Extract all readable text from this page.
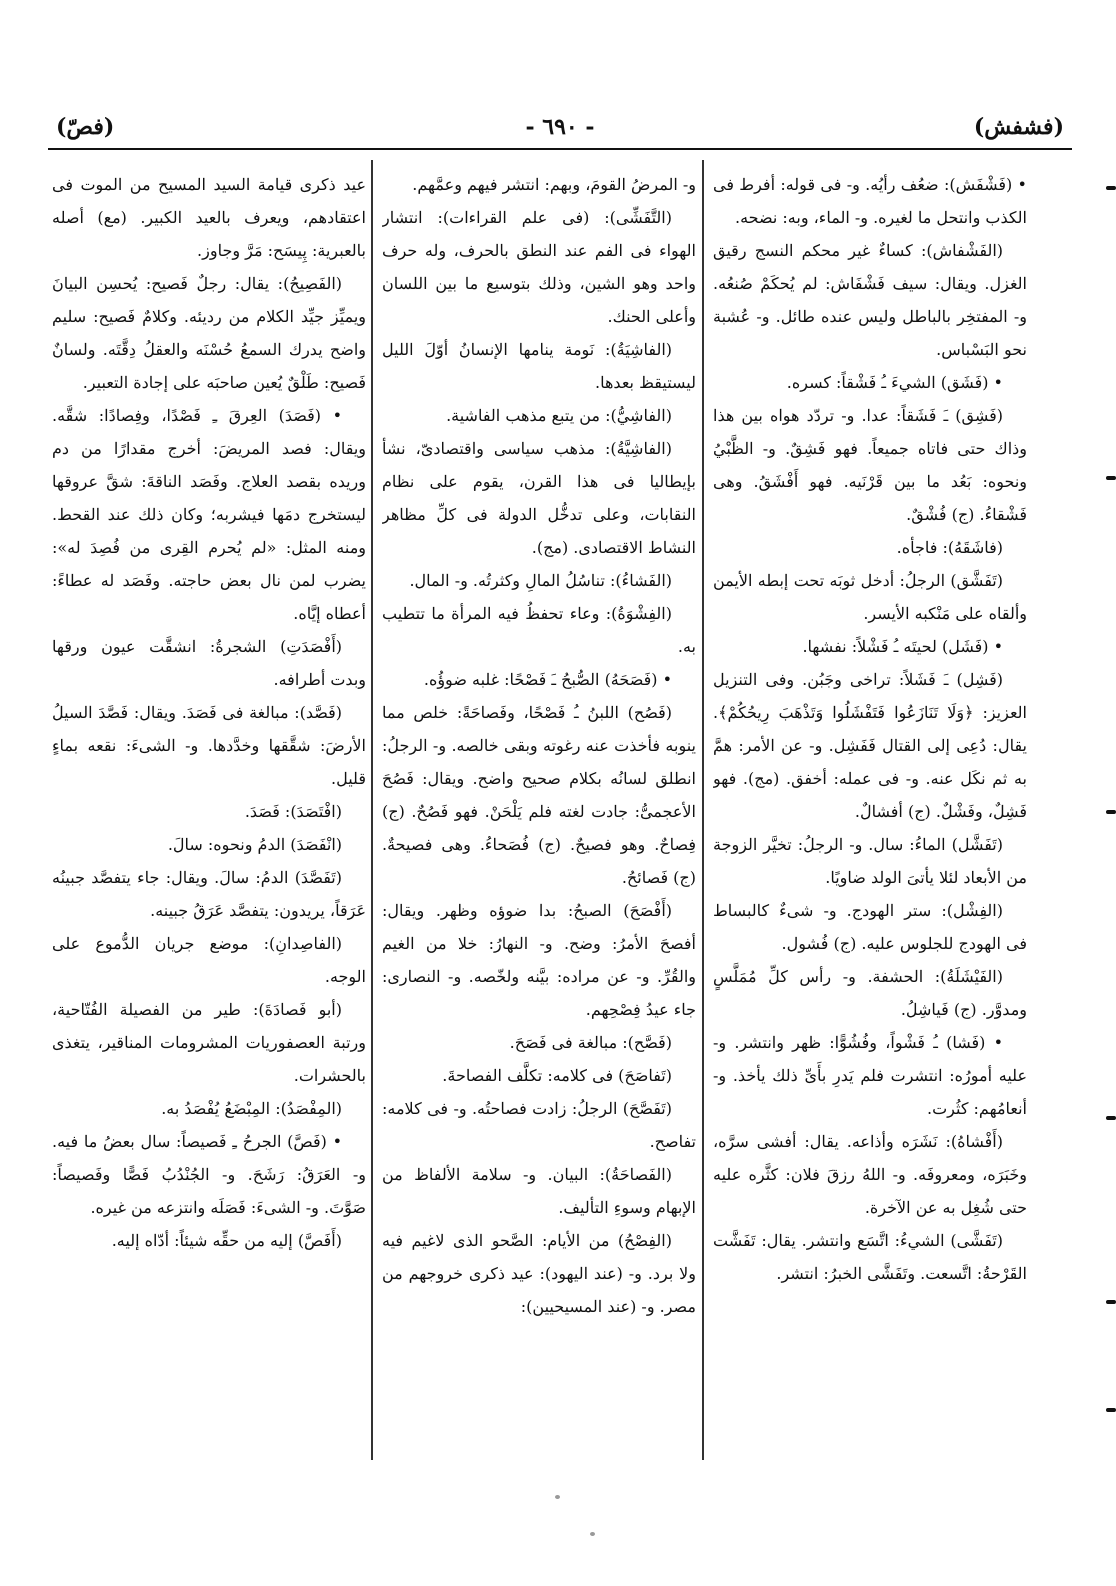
(فصّ)	- ٦٩٠ -	(فشفش)

• (فَشْفَش): ضعُف رأيُه. و- فى قوله: أفرط فى الكذب وانتحل ما لغيره. و- الماء، وبه: نضحه.

(الفَشْفاش): كساءٌ غير محكم النسج رقيق الغزل. ويقال: سيف فَشْفَاش: لم يُحكَمْ صُنعُه. و- المفتخِر بالباطل وليس عنده طائل. و- عُشبة نحو البَسْباس.

• (فَشَق) الشيءَ ـُ فَشْقاً: كسره.

(فَشِق) ـَ فَشَقاً: عدا. و- تردّد هواه بين هذا وذاك حتى فاتاه جميعاً. فهو فَشِقٌ. و- الظَّبْيُ ونحوه: بَعُد ما بين قَرْنَيه. فهو أَفْشَقُ. وهى فَشْقاءُ. (ج) فُشْقٌ.

(فاشَقَهُ): فاجأه.

(تَفَشَّق) الرجلُ: أدخل ثوبَه تحت إبطه الأيمن وألقاه على مَنْكبه الأيسر.

• (فَشَل) لحيتَه ـُ فَشْلاً: نفشها.

(فَشِل) ـَ فَشَلاً: تراخى وجَبُن. وفى التنزيل العزيز: ﴿وَلَا تَنَازَعُوا فَتَفْشَلُوا وَتَذْهَبَ رِيحُكُمْ﴾. يقال: دُعِى إلى القتال فَفَشِل. و- عن الأمر: همَّ به ثم نكَل عنه. و- فى عمله: أخفق. (مج). فهو فَشِلٌ، وفَشْلٌ. (ج) أفشالٌ.

(تَفَشَّل) الماءُ: سال. و- الرجلُ: تخيَّر الزوجة من الأبعاد لئلا يأتىَ الولد ضاويًا.

(الفِشْل): ستر الهودج. و- شىءٌ كالبساط فى الهودج للجلوس عليه. (ج) فُشول.

(الفَيْشَلَةُ): الحشفة. و- رأس كلِّ مُمَلَّسٍ ومدوَّر. (ج) فَياشِلُ.

• (فَشا) ـُ فَشْواً، وفُشُوًّا: ظهر وانتشر. و- عليه أمورُه: انتشرت فلم يَدرِ بأَىِّ ذلك يأخذ. و- أنعامُهم: كثُرت.

(أَفْشاهُ): نَشَرَه وأذاعه. يقال: أفشى سرَّه، وخَبَرَه، ومعروفَه. و- اللهُ رزقَ فلان: كثَّره عليه حتى شُغِل به عن الآخرة.

(تَفَشَّى) الشيءُ: اتَّسَع وانتشر. يقال: تَفَشَّت القَرْحةُ: اتَّسعت. وتَفَشَّى الخبرُ: انتشر.

و- المرضُ القومَ، وبهم: انتشر فيهم وعمَّهم.

(التَّفَشِّى): (فى علم القراءات): انتشار الهواء فى الفم عند النطق بالحرف، وله حرف واحد وهو الشين، وذلك بتوسيع ما بين اللسان وأعلى الحنك.

(الفاشِيَةُ): نَومة ينامها الإنسانُ أوّلَ الليل ليستيقظ بعدها.

(الفاشِيُّ): من يتبع مذهب الفاشية.

(الفاشِيَّةُ): مذهب سياسى واقتصادىّ، نشأ بإيطاليا فى هذا القرن، يقوم على نظام النقابات، وعلى تدخُّل الدولة فى كلِّ مظاهر النشاط الاقتصادى. (مج).

(الفَشاءُ): تناسُلُ المالِ وكثرتُه. و- المال.

(الفِشْوَةُ): وعاء تحفظُ فيه المرأة ما تتطيب به.

• (فَصَحَهُ) الصُّبحُ ـَ فَصْحًا: غلبه ضوؤُه.

(فَصُح) اللبنُ ـُ فَصْحًا، وفَصاحَةً: خلص مما ينوبه فأخذت عنه رغوته وبقى خالصه. و- الرجلُ: انطلق لسانُه بكلام صحيح واضح. ويقال: فَصُحَ الأعجمىُّ: جادت لغته فلم يَلْحَنْ. فهو فَصُحٌ. (ج) فِصاحٌ. وهو فصيحٌ. (ج) فُصَحاءُ. وهى فصيحةٌ. (ج) فَصائحُ.

(أَفْصَحَ) الصبحُ: بدا ضوؤه وظهر. ويقال: أفصحَ الأمرُ: وضح. و- النهارُ: خلا من الغيم والقُرِّ. و- عن مراده: بيَّنه ولخّصه. و- النصارى: جاء عيدُ فِصْحِهم.

(فَصَّح): مبالغة فى فَصَحَ.

(تَفاصَحَ) فى كلامه: تكلَّف الفصاحةَ.

(تَفَصَّحَ) الرجلُ: زادت فصاحتُه. و- فى كلامه: تفاصح.

(الفَصاحَةُ): البيان. و- سلامة الألفاظ من الإبهام وسوءِ التأليف.

(الفِصْحُ) من الأيام: الصَّحو الذى لاغيم فيه ولا برد. و- (عند اليهود): عيد ذكرى خروجهم من مصر. و- (عند المسيحيين):

عيد ذكرى قيامة السيد المسيح من الموت فى اعتقادهم، ويعرف بالعيد الكبير. (مع) أصله بالعبرية: پِيسَح: مَرَّ وجاوز.

(الفَصِيحُ): يقال: رجلٌ فَصيح: يُحسِن البيانَ ويميِّز جيِّد الكلام من رديئه. وكلامٌ فَصيح: سليم واضح يدرك السمعُ حُسْنَه والعقلُ دِقَّتَه. ولسانٌ فَصيح: طَلْقٌ يُعين صاحبَه على إجادة التعبير.

• (فَصَدَ) العِرقَ ـِ فَصْدًا، وفِصادًا: شقَّه. ويقال: فصد المريضَ: أخرج مقدارًا من دم وريده بقصد العلاج. وفَصَد الناقةَ: شقَّ عروقها ليستخرج دمَها فيشربه؛ وكان ذلك عند القحط. ومنه المثل: «لم يُحرم القِرى من فُصِدَ له»: يضرب لمن نال بعض حاجته. وفَصَد له عطاءً: أعطاه إيَّاه.

(أَفْصَدَتِ) الشجرةُ: انشقَّت عيون ورقها وبدت أطرافه.

(فَصَّد): مبالغة فى فَصَدَ. ويقال: فَصَّدَ السيلُ الأرضَ: شقَّقها وخدَّدها. و- الشىءَ: نقعه بماءٍ قليل.

(افْتَصَدَ): فَصَدَ.

(انْفَصَدَ) الدمُ ونحوه: سالَ.

(تَفَصَّدَ) الدمُ: سالَ. ويقال: جاء يتفصَّد جبينُه عَرَقاً، يريدون: يتفصَّد عَرَقُ جبينه.

(الفاصِدانِ): موضع جريان الدُّموع على الوجه.

(أبو فَصادَةَ): طير من الفصيلة الفُتّاحية، ورتبة العصفوريات المشرومات المناقير، يتغذى بالحشرات.

(المِفْصَدُ): المِبْضَعُ يُفْصَدُ به.

• (فَصَّ) الجرحُ ـِ فَصيصاً: سال بعضُ ما فيه. و- العَرَقُ: رَشَحَ. و- الجُنْدُبُ فَصًّا وفَصيصاً: صَوَّتَ. و- الشىءَ: فَصَلَه وانتزعه من غيره.

(أَفَصَّ) إليه من حقِّه شيئاً: أدّاه إليه.
